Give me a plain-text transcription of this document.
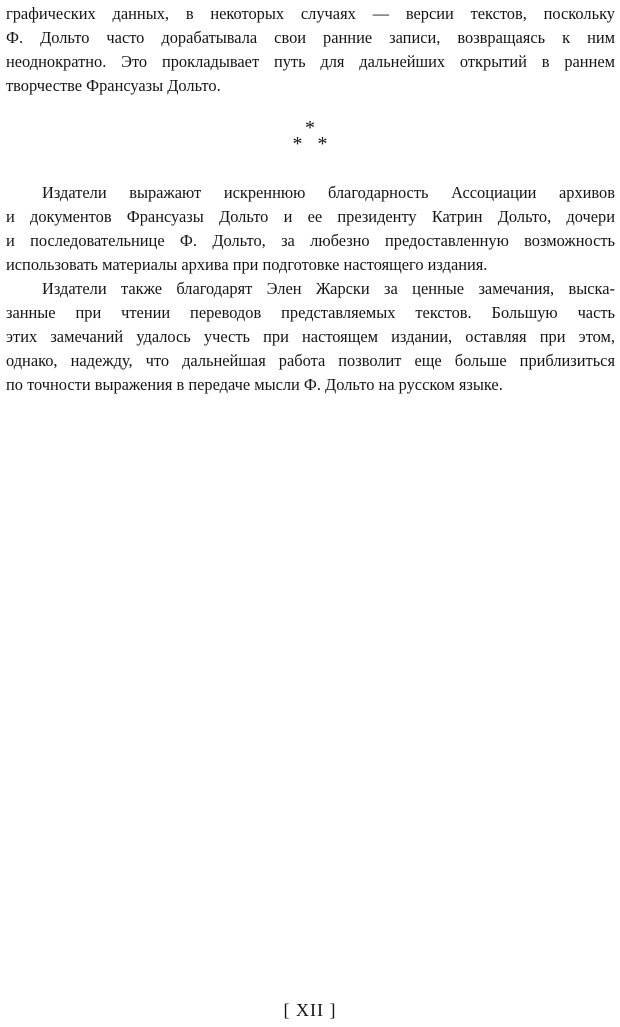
графических данных, в некоторых случаях — версии текстов, поскольку
Ф. Дольто часто дорабатывала свои ранние записи, возвращаясь к ним
неоднократно. Это прокладывает путь для дальнейших открытий в раннем
творчестве Франсуазы Дольто.
*
*   *
Издатели выражают искреннюю благодарность Ассоциации архивов
и документов Франсуазы Дольто и ее президенту Катрин Дольто, дочери
и последовательнице Ф. Дольто, за любезно предоставленную возможность
использовать материалы архива при подготовке настоящего издания.
Издатели также благодарят Элен Жарски за ценные замечания, выска-
занные при чтении переводов представляемых текстов. Большую часть
этих замечаний удалось учесть при настоящем издании, оставляя при этом,
однако, надежду, что дальнейшая работа позволит еще больше приблизиться
по точности выражения в передаче мысли Ф. Дольто на русском языке.
[ XII ]
